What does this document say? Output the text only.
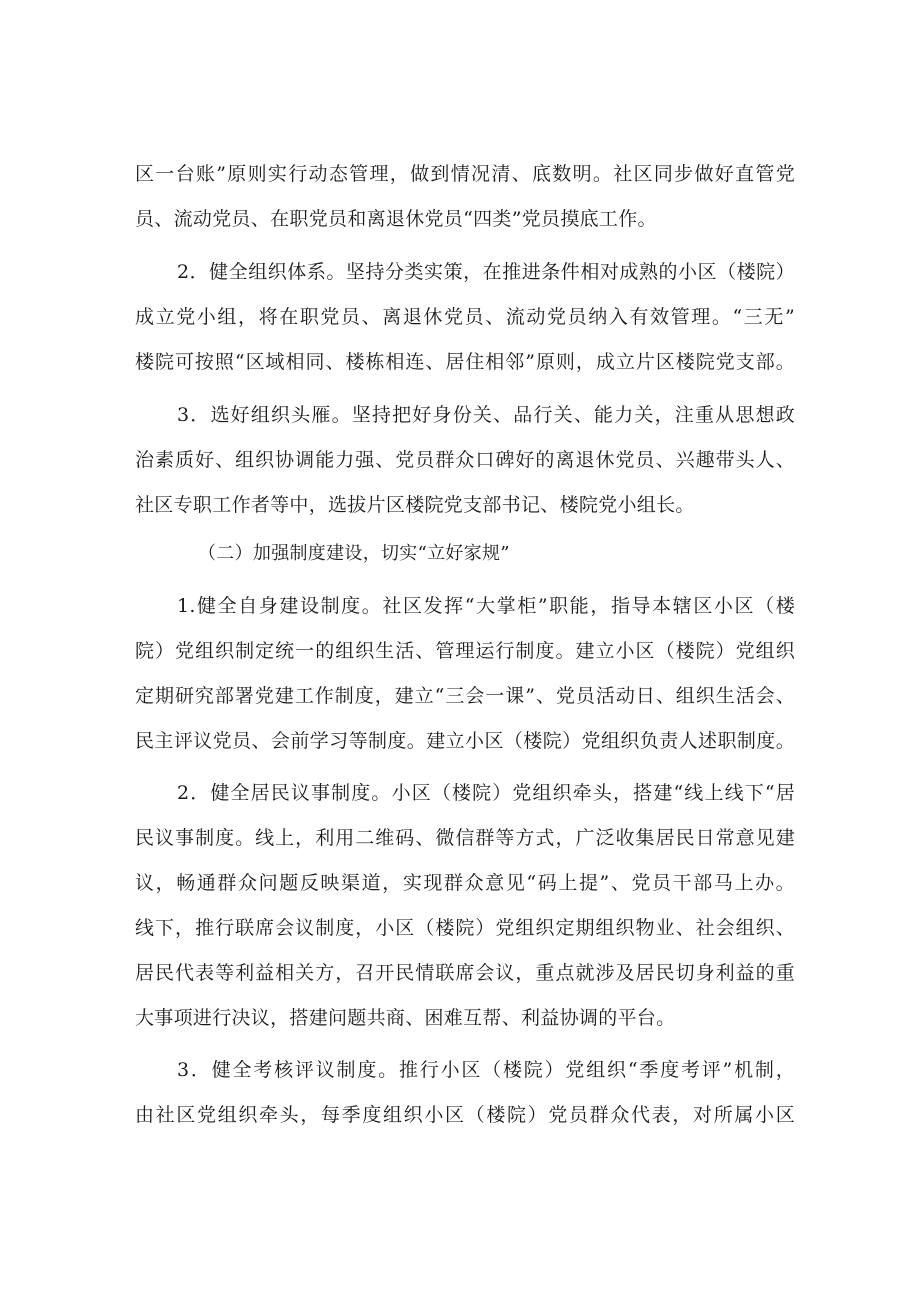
区一台账”原则实行动态管理，做到情况清、底数明。社区同步做好直管党
员、流动党员、在职党员和离退休党员“四类”党员摸底工作。
2．健全组织体系。坚持分类实策，在推进条件相对成熟的小区（楼院）
成立党小组，将在职党员、离退休党员、流动党员纳入有效管理。“三无”
楼院可按照“区域相同、楼栋相连、居住相邻”原则，成立片区楼院党支部。
3．选好组织头雁。坚持把好身份关、品行关、能力关，注重从思想政
治素质好、组织协调能力强、党员群众口碑好的离退休党员、兴趣带头人、
社区专职工作者等中，选拔片区楼院党支部书记、楼院党小组长。
（二）加强制度建设，切实“立好家规”
1.健全自身建设制度。社区发挥“大掌柜”职能，指导本辖区小区（楼
院）党组织制定统一的组织生活、管理运行制度。建立小区（楼院）党组织
定期研究部署党建工作制度，建立“三会一课”、党员活动日、组织生活会、
民主评议党员、会前学习等制度。建立小区（楼院）党组织负责人述职制度。
2．健全居民议事制度。小区（楼院）党组织牵头，搭建“线上线下“居
民议事制度。线上，利用二维码、微信群等方式，广泛收集居民日常意见建
议，畅通群众问题反映渠道，实现群众意见“码上提”、党员干部马上办。
线下，推行联席会议制度，小区（楼院）党组织定期组织物业、社会组织、
居民代表等利益相关方，召开民情联席会议，重点就涉及居民切身利益的重
大事项进行决议，搭建问题共商、困难互帮、利益协调的平台。
3．健全考核评议制度。推行小区（楼院）党组织“季度考评”机制，
由社区党组织牵头，每季度组织小区（楼院）党员群众代表，对所属小区
